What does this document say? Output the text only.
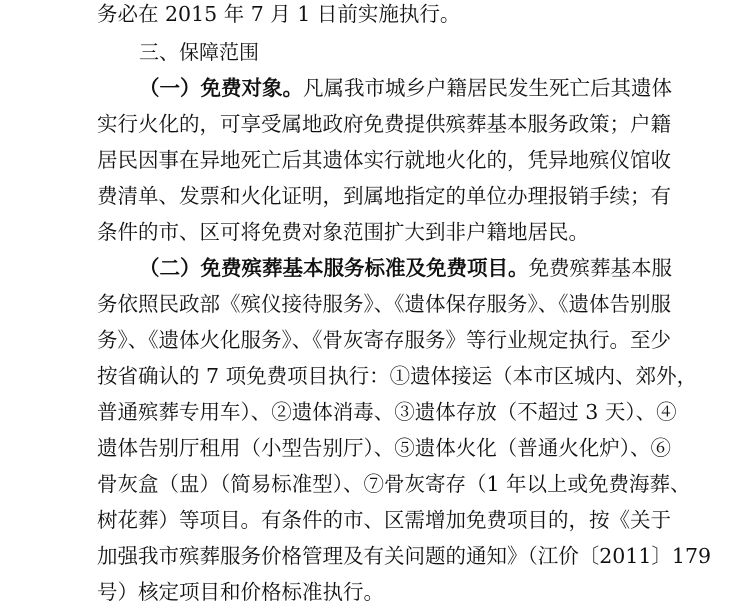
务必在 2015 年 7 月 1 日前实施执行。
三、保障范围
（一）免费对象。凡属我市城乡户籍居民发生死亡后其遗体
实行火化的，可享受属地政府免费提供殡葬基本服务政策；户籍
居民因事在异地死亡后其遗体实行就地火化的，凭异地殡仪馆收
费清单、发票和火化证明，到属地指定的单位办理报销手续；有
条件的市、区可将免费对象范围扩大到非户籍地居民。
（二）免费殡葬基本服务标准及免费项目。免费殡葬基本服
务依照民政部《殡仪接待服务》、《遗体保存服务》、《遗体告别服
务》、《遗体火化服务》、《骨灰寄存服务》等行业规定执行。至少
按省确认的 7 项免费项目执行：①遗体接运（本市区城内、郊外，
普通殡葬专用车）、②遗体消毒、③遗体存放（不超过 3 天）、④
遗体告别厅租用（小型告别厅）、⑤遗体火化（普通火化炉）、⑥
骨灰盒（盅）（简易标准型）、⑦骨灰寄存（1 年以上或免费海葬、
树花葬）等项目。有条件的市、区需增加免费项目的，按《关于
加强我市殡葬服务价格管理及有关问题的通知》（江价〔2011〕179
号）核定项目和价格标准执行。
